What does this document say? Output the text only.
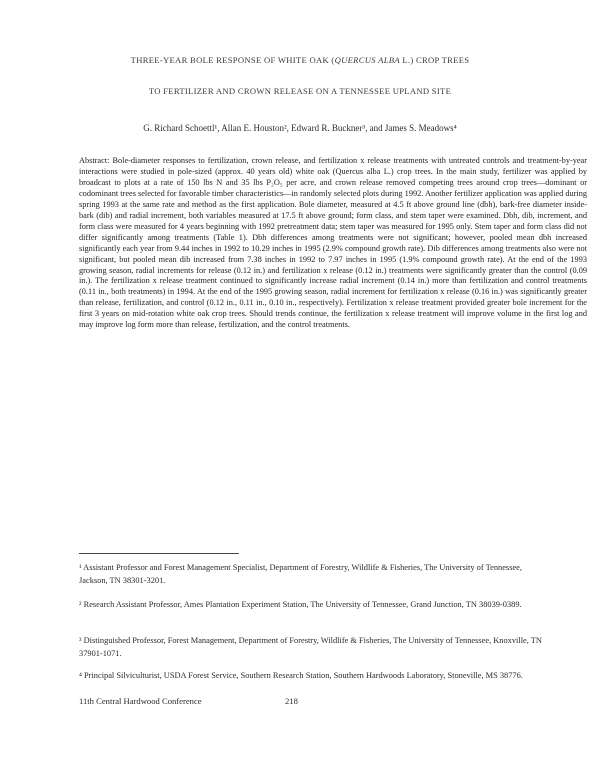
THREE-YEAR BOLE RESPONSE OF WHITE OAK (QUERCUS ALBA L.) CROP TREES
TO FERTILIZER AND CROWN RELEASE ON A TENNESSEE UPLAND SITE
G. Richard Schoettl¹, Allan E. Houston², Edward R. Buckner³, and James S. Meadows⁴
Abstract: Bole-diameter responses to fertilization, crown release, and fertilization x release treatments with untreated controls and treatment-by-year interactions were studied in pole-sized (approx. 40 years old) white oak (Quercus alba L.) crop trees. In the main study, fertilizer was applied by broadcast to plots at a rate of 150 lbs N and 35 lbs P₂O₅ per acre, and crown release removed competing trees around crop trees—dominant or codominant trees selected for favorable timber characteristics—in randomly selected plots during 1992. Another fertilizer application was applied during spring 1993 at the same rate and method as the first application. Bole diameter, measured at 4.5 ft above ground line (dbh), bark-free diameter inside-bark (dib) and radial increment, both variables measured at 17.5 ft above ground; form class, and stem taper were examined. Dbh, dib, increment, and form class were measured for 4 years beginning with 1992 pretreatment data; stem taper was measured for 1995 only. Stem taper and form class did not differ significantly among treatments (Table 1). Dbh differences among treatments were not significant; however, pooled mean dbh increased significantly each year from 9.44 inches in 1992 to 10.29 inches in 1995 (2.9% compound growth rate). Dib differences among treatments also were not significant, but pooled mean dib increased from 7.38 inches in 1992 to 7.97 inches in 1995 (1.9% compound growth rate). At the end of the 1993 growing season, radial increments for release (0.12 in.) and fertilization x release (0.12 in.) treatments were significantly greater than the control (0.09 in.). The fertilization x release treatment continued to significantly increase radial increment (0.14 in.) more than fertilization and control treatments (0.11 in., both treatments) in 1994. At the end of the 1995 growing season, radial increment for fertilization x release (0.16 in.) was significantly greater than release, fertilization, and control (0.12 in., 0.11 in., 0.10 in., respectively). Fertilization x release treatment provided greater bole increment for the first 3 years on mid-rotation white oak crop trees. Should trends continue, the fertilization x release treatment will improve volume in the first log and may improve log form more than release, fertilization, and the control treatments.
¹ Assistant Professor and Forest Management Specialist, Department of Forestry, Wildlife & Fisheries, The University of Tennessee, Jackson, TN 38301-3201.
² Research Assistant Professor, Ames Plantation Experiment Station, The University of Tennessee, Grand Junction, TN 38039-0389.
³ Distinguished Professor, Forest Management, Department of Forestry, Wildlife & Fisheries, The University of Tennessee, Knoxville, TN 37901-1071.
⁴ Principal Silviculturist, USDA Forest Service, Southern Research Station, Southern Hardwoods Laboratory, Stoneville, MS 38776.
11th Central Hardwood Conference	218
